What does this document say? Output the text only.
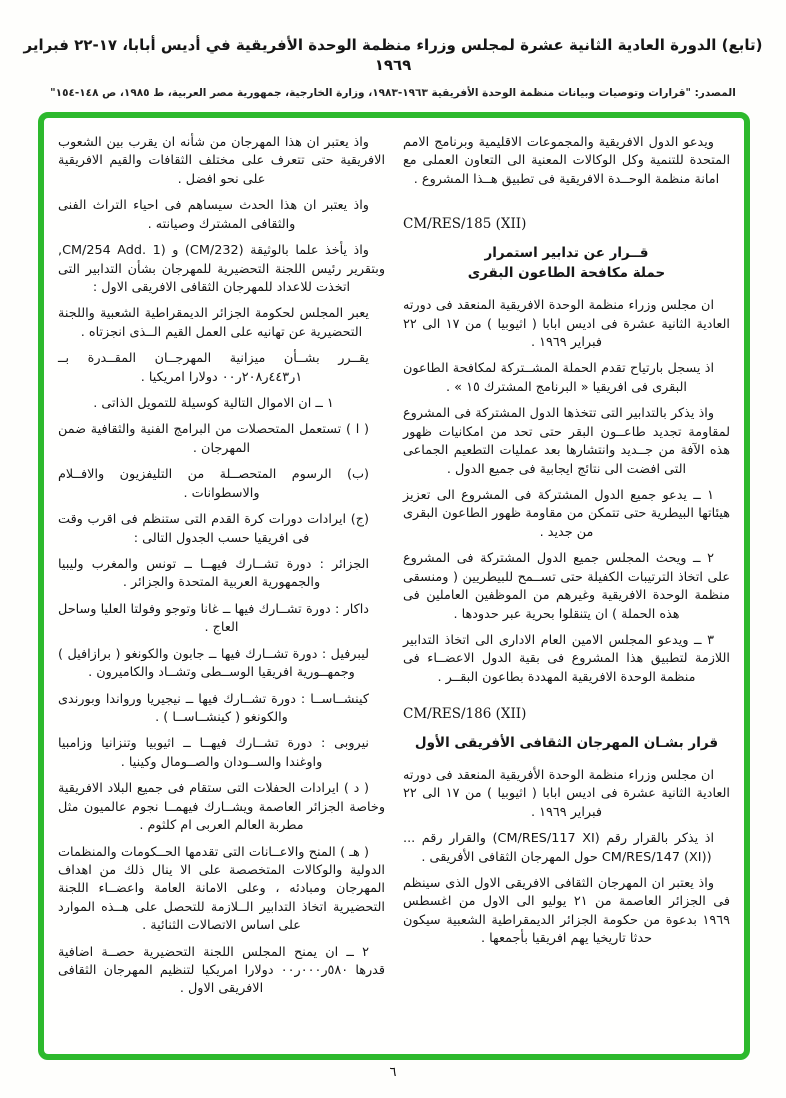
(تابع) الدورة العادية الثانية عشرة لمجلس وزراء منظمة الوحدة الأفريقية في أديس أبابا، ١٧-٢٢ فبراير ١٩٦٩
المصدر: "قرارات وتوصيات وبيانات منظمة الوحدة الأفريقية ١٩٦٣-١٩٨٣، وزارة الخارجية، جمهورية مصر العربية، ط ١٩٨٥، ص ١٤٨-١٥٤"

ويدعو الدول الافريقية والمجموعات الاقليمية وبرنامج الامم المتحدة للتنمية وكل الوكالات المعنية الى التعاون العملى مع امانة منظمة الوحــدة الافريقية فى تطبيق هــذا المشروع .

CM/RES/185 (XII)
قــرار عن تدابير استمرار
حملة مكافحة الطاعون البقرى

ان مجلس وزراء منظمة الوحدة الافريقية المنعقد فى دورته العادية الثانية عشرة فى اديس ابابا ( اثيوبيا ) من ١٧ الى ٢٢ فبراير ١٩٦٩ .

اذ يسجل بارتياح تقدم الحملة المشــتركة لمكافحة الطاعون البقرى فى افريقيا « البرنامج المشترك ١٥ » .

واذ يذكر بالتدابير التى تتخذها الدول المشتركة فى المشروع لمقاومة تجديد طاعــون البقر حتى تحد من امكانيات ظهور هذه الآفة من جــديد وانتشارها بعد عمليات التطعيم الجماعى التى افضت الى نتائج ايجابية فى جميع الدول .

١ ــ يدعو جميع الدول المشتركة فى المشروع الى تعزيز هيئاتها البيطرية حتى تتمكن من مقاومة ظهور الطاعون البقرى من جديد .

٢ ــ ويحث المجلس جميع الدول المشتركة فى المشروع على اتخاذ الترتيبات الكفيلة حتى تســمح للبيطريين ( ومنسقى منظمة الوحدة الافريقية وغيرهم من الموظفين العاملين فى هذه الحملة ) ان يتنقلوا بحرية عبر حدودها .

٣ ــ ويدعو المجلس الامين العام الادارى الى اتخاذ التدابير اللازمة لتطبيق هذا المشروع فى بقية الدول الاعضــاء فى منظمة الوحدة الافريقية المهددة بطاعون البقــر .

CM/RES/186 (XII)
قرار بشـان المهرجان الثقافى الأفريقى الأول

ان مجلس وزراء منظمة الوحدة الأفريقية المنعقد فى دورته العادية الثانية عشرة فى اديس ابابا ( اثيوبيا ) من ١٧ الى ٢٢ فبراير ١٩٦٩ .

اذ يذكر بالقرار رقم (CM/RES/117 XI) والقرار رقم ... (CM/RES/147 (XI) حول المهرجان الثقافى الأفريقى .

واذ يعتبر ان المهرجان الثقافى الافريقى الاول الذى سينظم فى الجزائر العاصمة من ٢١ يوليو الى الاول من اغسطس ١٩٦٩ بدعوة من حكومة الجزائر الديمقراطية الشعبية سيكون حدثا تاريخيا يهم افريقيا بأجمعها .

واذ يعتبر ان هذا المهرجان من شأنه ان يقرب بين الشعوب الافريقية حتى تتعرف على مختلف الثقافات والقيم الافريقية على نحو افضل .

واذ يعتبر ان هذا الحدث سيساهم فى احياء التراث الفنى والثقافى المشترك وصيانته .

واذ يأخذ علما بالوثيقة (CM/232) و (CM/254 Add. 1, وبتقرير رئيس اللجنة التحضيرية للمهرجان بشأن التدابير التى اتخذت للاعداد للمهرجان الثقافى الافريقى الاول :

يعبر المجلس لحكومة الجزائر الديمقراطية الشعبية واللجنة التحضيرية عن تهانيه على العمل القيم الــذى انجزتاه .

يقــرر بشــأن ميزانية المهرجــان المقــدرة بــ ١ر٤٤٣ر٢٠٨ر٠٠ دولارا امريكيا .

١ ــ ان الاموال التالية كوسيلة للتمويل الذاتى .

( ا ) تستعمل المتحصلات من البرامج الفنية والثقافية ضمن المهرجان .

(ب) الرسوم المتحصــلة من التليفزيون والافــلام والاسطوانات .

(ج) ايرادات دورات كرة القدم التى ستنظم فى اقرب وقت فى افريقيا حسب الجدول التالى :

الجزائر : دورة تشــارك فيهــا ــ تونس والمغرب وليبيا والجمهورية العربية المتحدة والجزائر .

داكار : دورة تشــارك فيها ــ غانا وتوجو وفولتا العليا وساحل العاج .

ليبرفيل : دورة تشــارك فيها ــ جابون والكونغو ( برازافيل ) وجمهــورية افريقيا الوســطى وتشــاد والكاميرون .

كينشــاســا : دورة تشــارك فيها ــ نيجيريا ورواندا وبورندى والكونغو ( كينشــاســا ) .

نيروبى : دورة تشــارك فيهــا ــ اثيوبيا وتنزانيا وزامبيا واوغندا والســودان والصــومال وكينيا .

( د ) ايرادات الحفلات التى ستقام فى جميع البلاد الافريقية وخاصة الجزائر العاصمة ويشــارك فيهمــا نجوم عالميون مثل مطربة العالم العربى ام كلثوم .

( هـ ) المنح والاعــانات التى تقدمها الحــكومات والمنظمات الدولية والوكالات المتخصصة على الا ينال ذلك من اهداف المهرجان ومبادئه ، وعلى الامانة العامة واعضــاء اللجنة التحضيرية اتخاذ التدابير الــلازمة للتحصل على هــذه الموارد على اساس الاتصالات الثنائية .

٢ ــ ان يمنح المجلس اللجنة التحضيرية حصــة اضافية قدرها ٥٨٠ر٠٠٠ر٠٠ دولارا امريكيا لتنظيم المهرجان الثقافى الافريقى الاول .

٦
